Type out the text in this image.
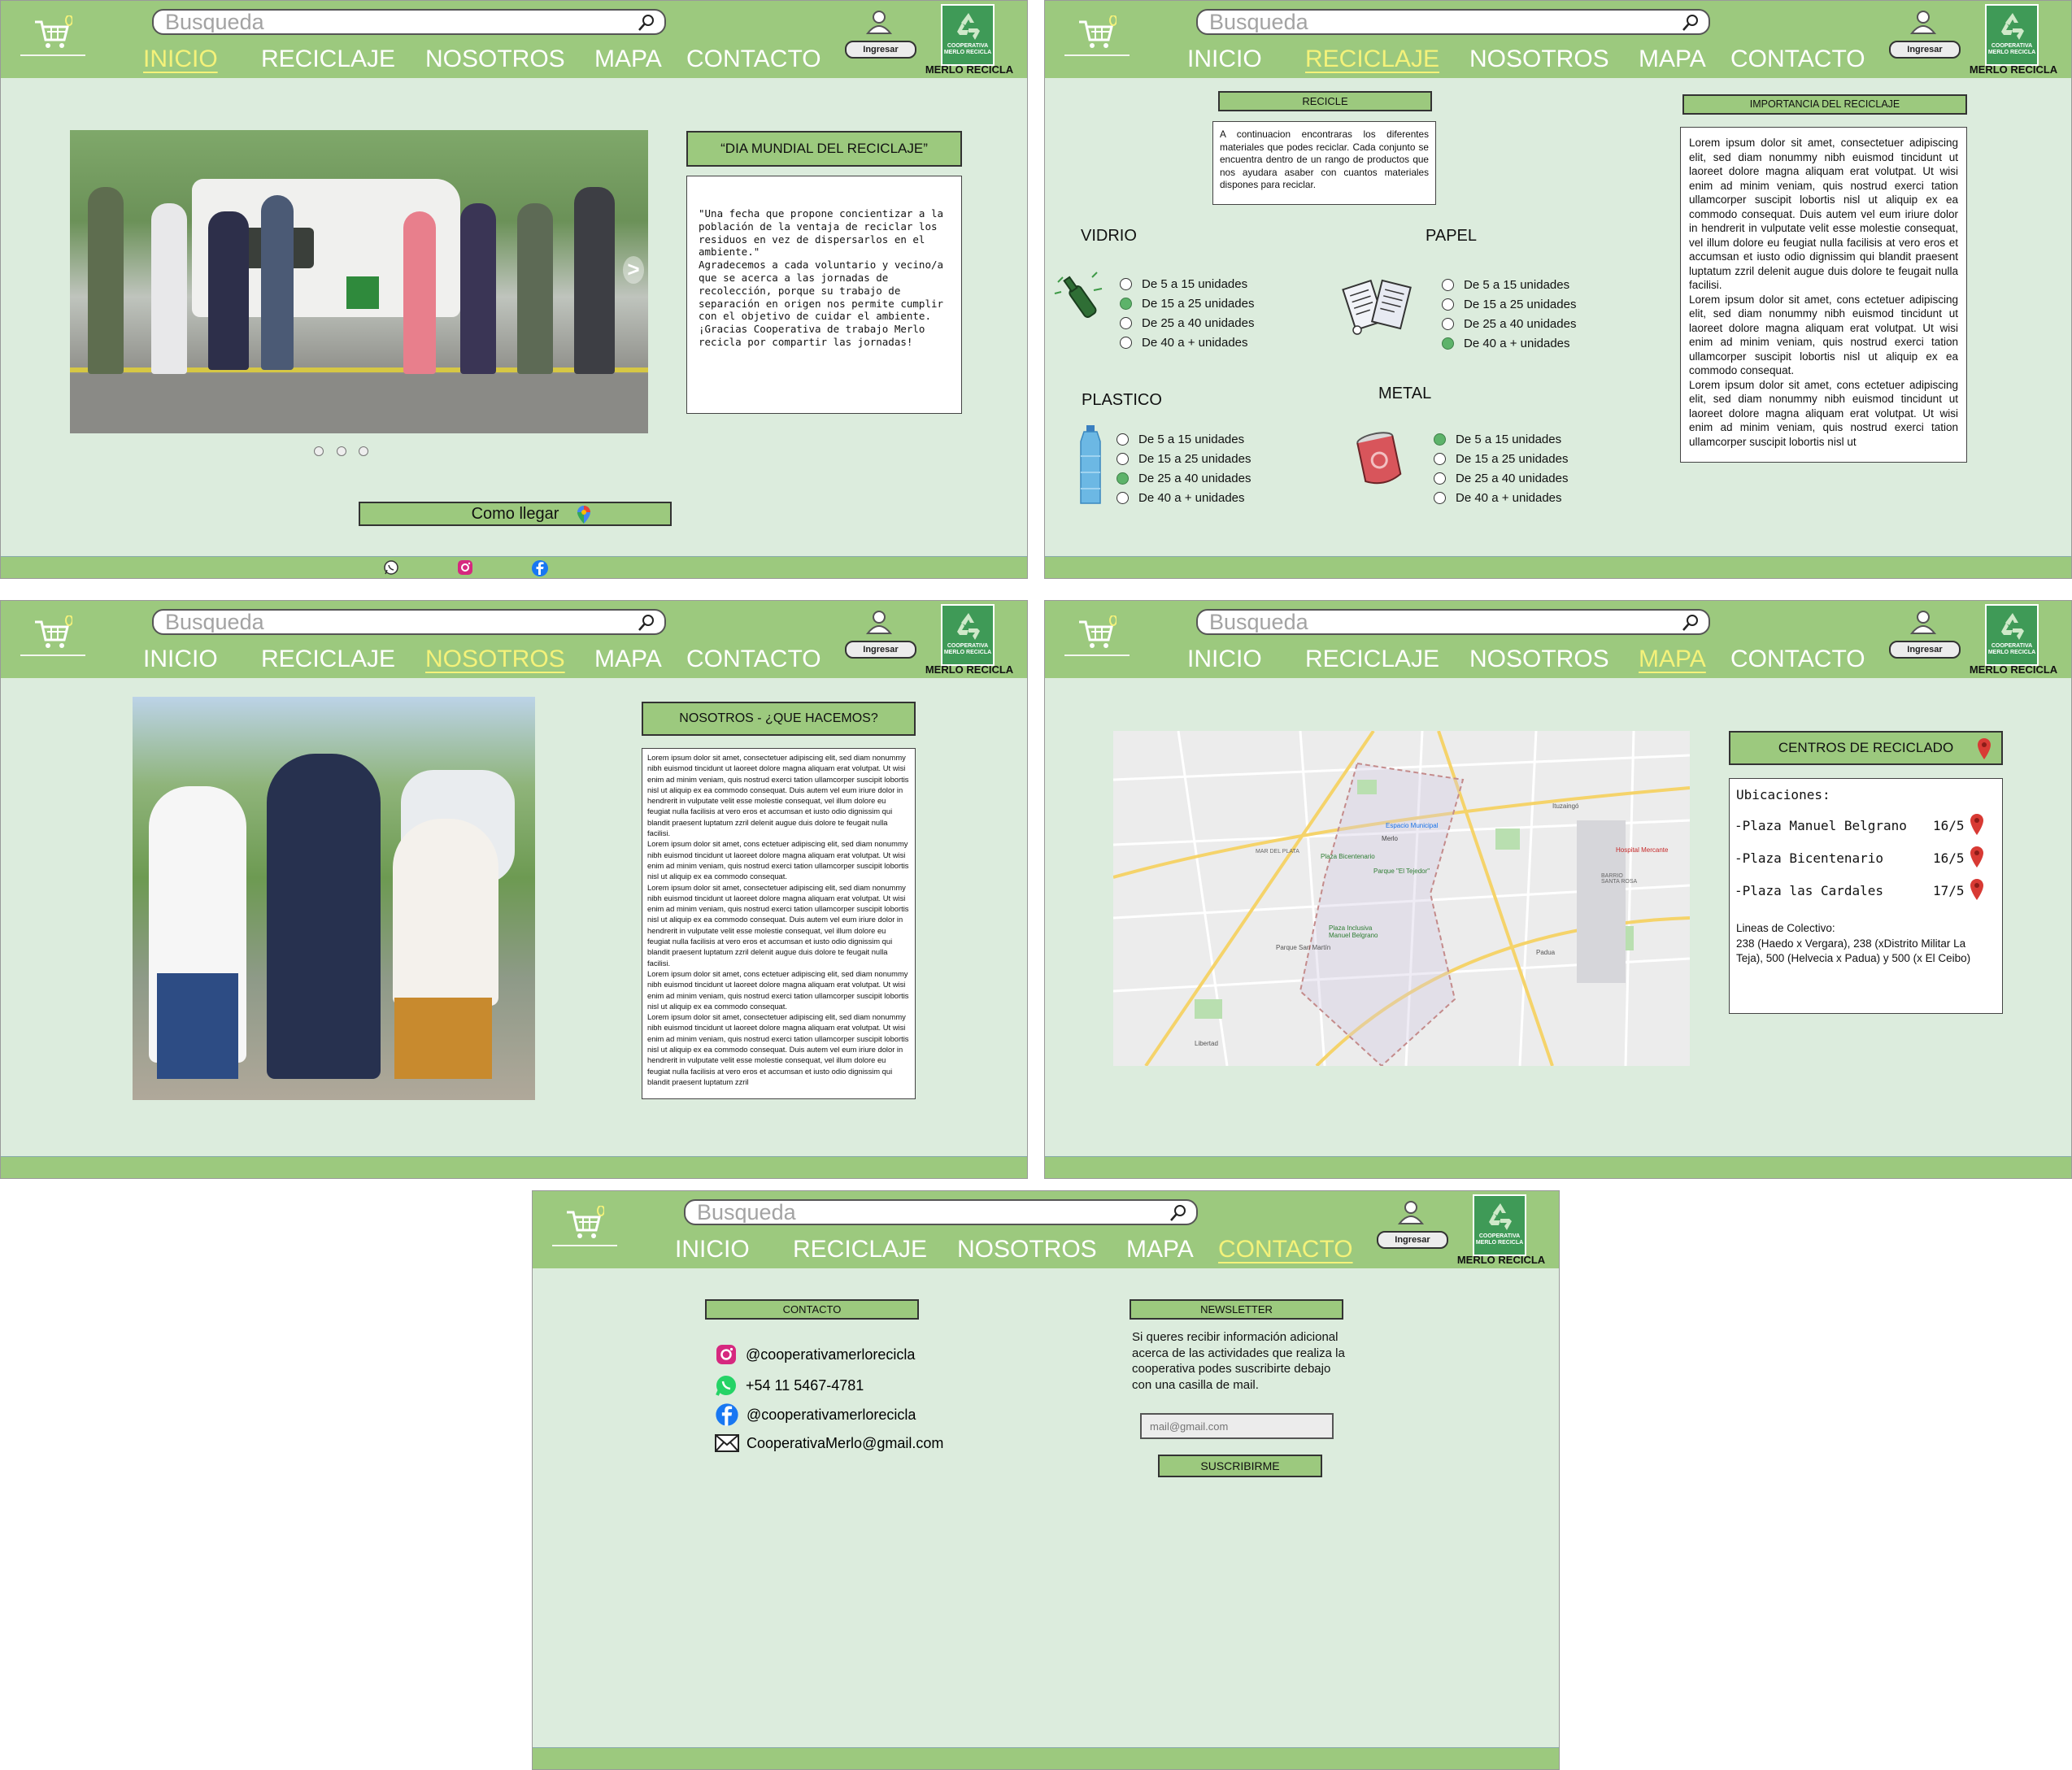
Busqueda
INICIO RECICLAJE NOSOTROS MAPA CONTACTO	Ingresar	COOPERATIVA MERLO RECICLA
MERLO RECICLA
>
“DIA MUNDIAL DEL RECICLAJE”
"Una fecha que propone concientizar a la población de la ventaja de reciclar los residuos en vez de dispersarlos en el ambiente."
Agradecemos a cada voluntario y vecino/a que se acerca a las jornadas de recolección, porque su trabajo de separación en origen nos permite cumplir con el objetivo de cuidar el ambiente.
¡Gracias Cooperativa de trabajo Merlo recicla por compartir las jornadas!
Como llegar
Busqueda
INICIO RECICLAJE NOSOTROS MAPA CONTACTO	Ingresar	COOPERATIVA MERLO RECICLA
MERLO RECICLA
RECICLE
A continuacion encontraras los diferentes materiales que podes reciclar. Cada conjunto se encuentra dentro de un rango de productos que nos ayudara asaber con cuantos materiales dispones para reciclar.
IMPORTANCIA DEL RECICLAJE
Lorem ipsum dolor sit amet, consectetuer adipiscing elit, sed diam nonummy nibh euismod tincidunt ut laoreet dolore magna aliquam erat volutpat. Ut wisi enim ad minim veniam, quis nostrud exerci tation ullamcorper suscipit lobortis nisl ut aliquip ex ea commodo consequat. Duis autem vel eum iriure dolor in hendrerit in vulputate velit esse molestie consequat, vel illum dolore eu feugiat nulla facilisis at vero eros et accumsan et iusto odio dignissim qui blandit praesent luptatum zzril delenit augue duis dolore te feugait nulla facilisi.
Lorem ipsum dolor sit amet, cons ectetuer adipiscing elit, sed diam nonummy nibh euismod tincidunt ut laoreet dolore magna aliquam erat volutpat. Ut wisi enim ad minim veniam, quis nostrud exerci tation ullamcorper suscipit lobortis nisl ut aliquip ex ea commodo consequat.
Lorem ipsum dolor sit amet, cons ectetuer adipiscing elit, sed diam nonummy nibh euismod tincidunt ut laoreet dolore magna aliquam erat volutpat. Ut wisi enim ad minim veniam, quis nostrud exerci tation ullamcorper suscipit lobortis nisl ut
VIDRIO
De 5 a 15 unidades
De 15 a 25 unidades
De 25 a 40 unidades
De 40 a + unidades
PAPEL
De 5 a 15 unidades
De 15 a 25 unidades
De 25 a 40 unidades
De 40 a + unidades
PLASTICO
De 5 a 15 unidades
De 15 a 25 unidades
De 25 a 40 unidades
De 40 a + unidades
METAL
De 5 a 15 unidades
De 15 a 25 unidades
De 25 a 40 unidades
De 40 a + unidades
Busqueda
INICIO RECICLAJE NOSOTROS MAPA CONTACTO	Ingresar	COOPERATIVA MERLO RECICLA
MERLO RECICLA
NOSOTROS - ¿QUE HACEMOS?
Lorem ipsum dolor sit amet, consectetuer adipiscing elit, sed diam nonummy nibh euismod tincidunt ut laoreet dolore magna aliquam erat volutpat. Ut wisi enim ad minim veniam, quis nostrud exerci tation ullamcorper suscipit lobortis nisl ut aliquip ex ea commodo consequat. Duis autem vel eum iriure dolor in hendrerit in vulputate velit esse molestie consequat, vel illum dolore eu feugiat nulla facilisis at vero eros et accumsan et iusto odio dignissim qui blandit praesent luptatum zzril delenit augue duis dolore te feugait nulla facilisi.
Lorem ipsum dolor sit amet, cons ectetuer adipiscing elit, sed diam nonummy nibh euismod tincidunt ut laoreet dolore magna aliquam erat volutpat. Ut wisi enim ad minim veniam, quis nostrud exerci tation ullamcorper suscipit lobortis nisl ut aliquip ex ea commodo consequat.
Lorem ipsum dolor sit amet, consectetuer adipiscing elit, sed diam nonummy nibh euismod tincidunt ut laoreet dolore magna aliquam erat volutpat. Ut wisi enim ad minim veniam, quis nostrud exerci tation ullamcorper suscipit lobortis nisl ut aliquip ex ea commodo consequat. Duis autem vel eum iriure dolor in hendrerit in vulputate velit esse molestie consequat, vel illum dolore eu feugiat nulla facilisis at vero eros et accumsan et iusto odio dignissim qui blandit praesent luptatum zzril delenit augue duis dolore te feugait nulla facilisi.
Lorem ipsum dolor sit amet, cons ectetuer adipiscing elit, sed diam nonummy nibh euismod tincidunt ut laoreet dolore magna aliquam erat volutpat. Ut wisi enim ad minim veniam, quis nostrud exerci tation ullamcorper suscipit lobortis nisl ut aliquip ex ea commodo consequat.
Lorem ipsum dolor sit amet, consectetuer adipiscing elit, sed diam nonummy nibh euismod tincidunt ut laoreet dolore magna aliquam erat volutpat. Ut wisi enim ad minim veniam, quis nostrud exerci tation ullamcorper suscipit lobortis nisl ut aliquip ex ea commodo consequat. Duis autem vel eum iriure dolor in hendrerit in vulputate velit esse molestie consequat, vel illum dolore eu feugiat nulla facilisis at vero eros et accumsan et iusto odio dignissim qui blandit praesent luptatum zzril
Busqueda
INICIO RECICLAJE NOSOTROS MAPA CONTACTO	Ingresar	COOPERATIVA MERLO RECICLA
MERLO RECICLA
Merlo
Parque "El Tejedor"
Plaza Bicentenario
Plaza Inclusiva Manuel Belgrano
MAR DEL PLATA
Parque San Martín
Libertad
Ituzaingó
Hospital Mercante
BARRIO SANTA ROSA
Padua
Espacio Municipal
CENTROS DE RECICLADO
Ubicaciones:
-Plaza Manuel Belgrano 16/5
-Plaza Bicentenario	16/5
-Plaza las Cardales	17/5
Lineas de Colectivo:
238 (Haedo x Vergara), 238 (xDistrito Militar La Teja), 500 (Helvecia x Padua) y 500 (x El Ceibo)
Busqueda
INICIO RECICLAJE NOSOTROS MAPA CONTACTO	Ingresar	COOPERATIVA MERLO RECICLA
MERLO RECICLA
CONTACTO
@cooperativamerlorecicla
+54 11 5467-4781
@cooperativamerlorecicla
CooperativaMerlo@gmail.com
NEWSLETTER
Si queres recibir información adicional acerca de las actividades que realiza la cooperativa podes suscribirte debajo con una casilla de mail.
mail@gmail.com
SUSCRIBIRME
